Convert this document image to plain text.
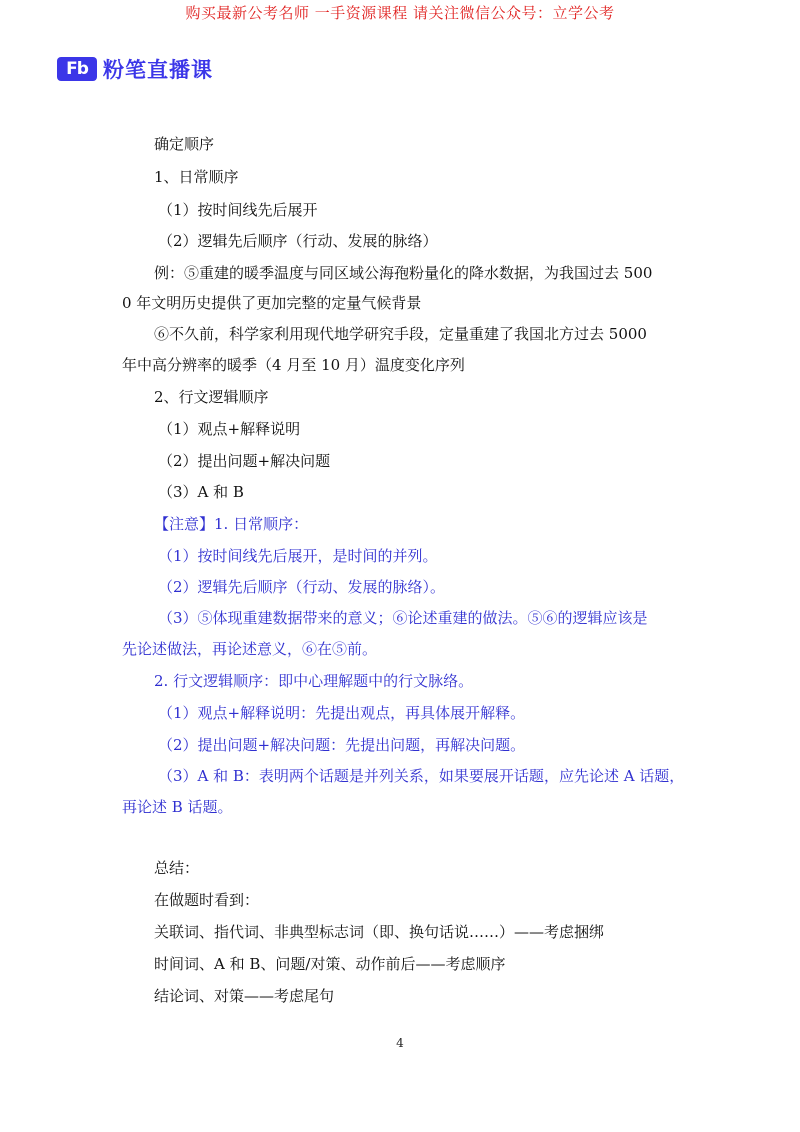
购买最新公考名师 一手资源课程 请关注微信公众号：立学公考
Fb 粉笔直播课
确定顺序
1、日常顺序
（1）按时间线先后展开
（2）逻辑先后顺序（行动、发展的脉络）
例：⑤重建的暖季温度与同区域公海孢粉量化的降水数据，为我国过去 500
0 年文明历史提供了更加完整的定量气候背景
⑥不久前，科学家利用现代地学研究手段，定量重建了我国北方过去 5000
年中高分辨率的暖季（4 月至 10 月）温度变化序列
2、行文逻辑顺序
（1）观点+解释说明
（2）提出问题+解决问题
（3）A 和 B
【注意】1. 日常顺序：
（1）按时间线先后展开，是时间的并列。
（2）逻辑先后顺序（行动、发展的脉络）。
（3）⑤体现重建数据带来的意义；⑥论述重建的做法。⑤⑥的逻辑应该是
先论述做法，再论述意义，⑥在⑤前。
2. 行文逻辑顺序：即中心理解题中的行文脉络。
（1）观点+解释说明：先提出观点，再具体展开解释。
（2）提出问题+解决问题：先提出问题，再解决问题。
（3）A 和 B：表明两个话题是并列关系，如果要展开话题，应先论述 A 话题，
再论述 B 话题。
总结：
在做题时看到：
关联词、指代词、非典型标志词（即、换句话说……）——考虑捆绑
时间词、A 和 B、问题/对策、动作前后——考虑顺序
结论词、对策——考虑尾句
4
